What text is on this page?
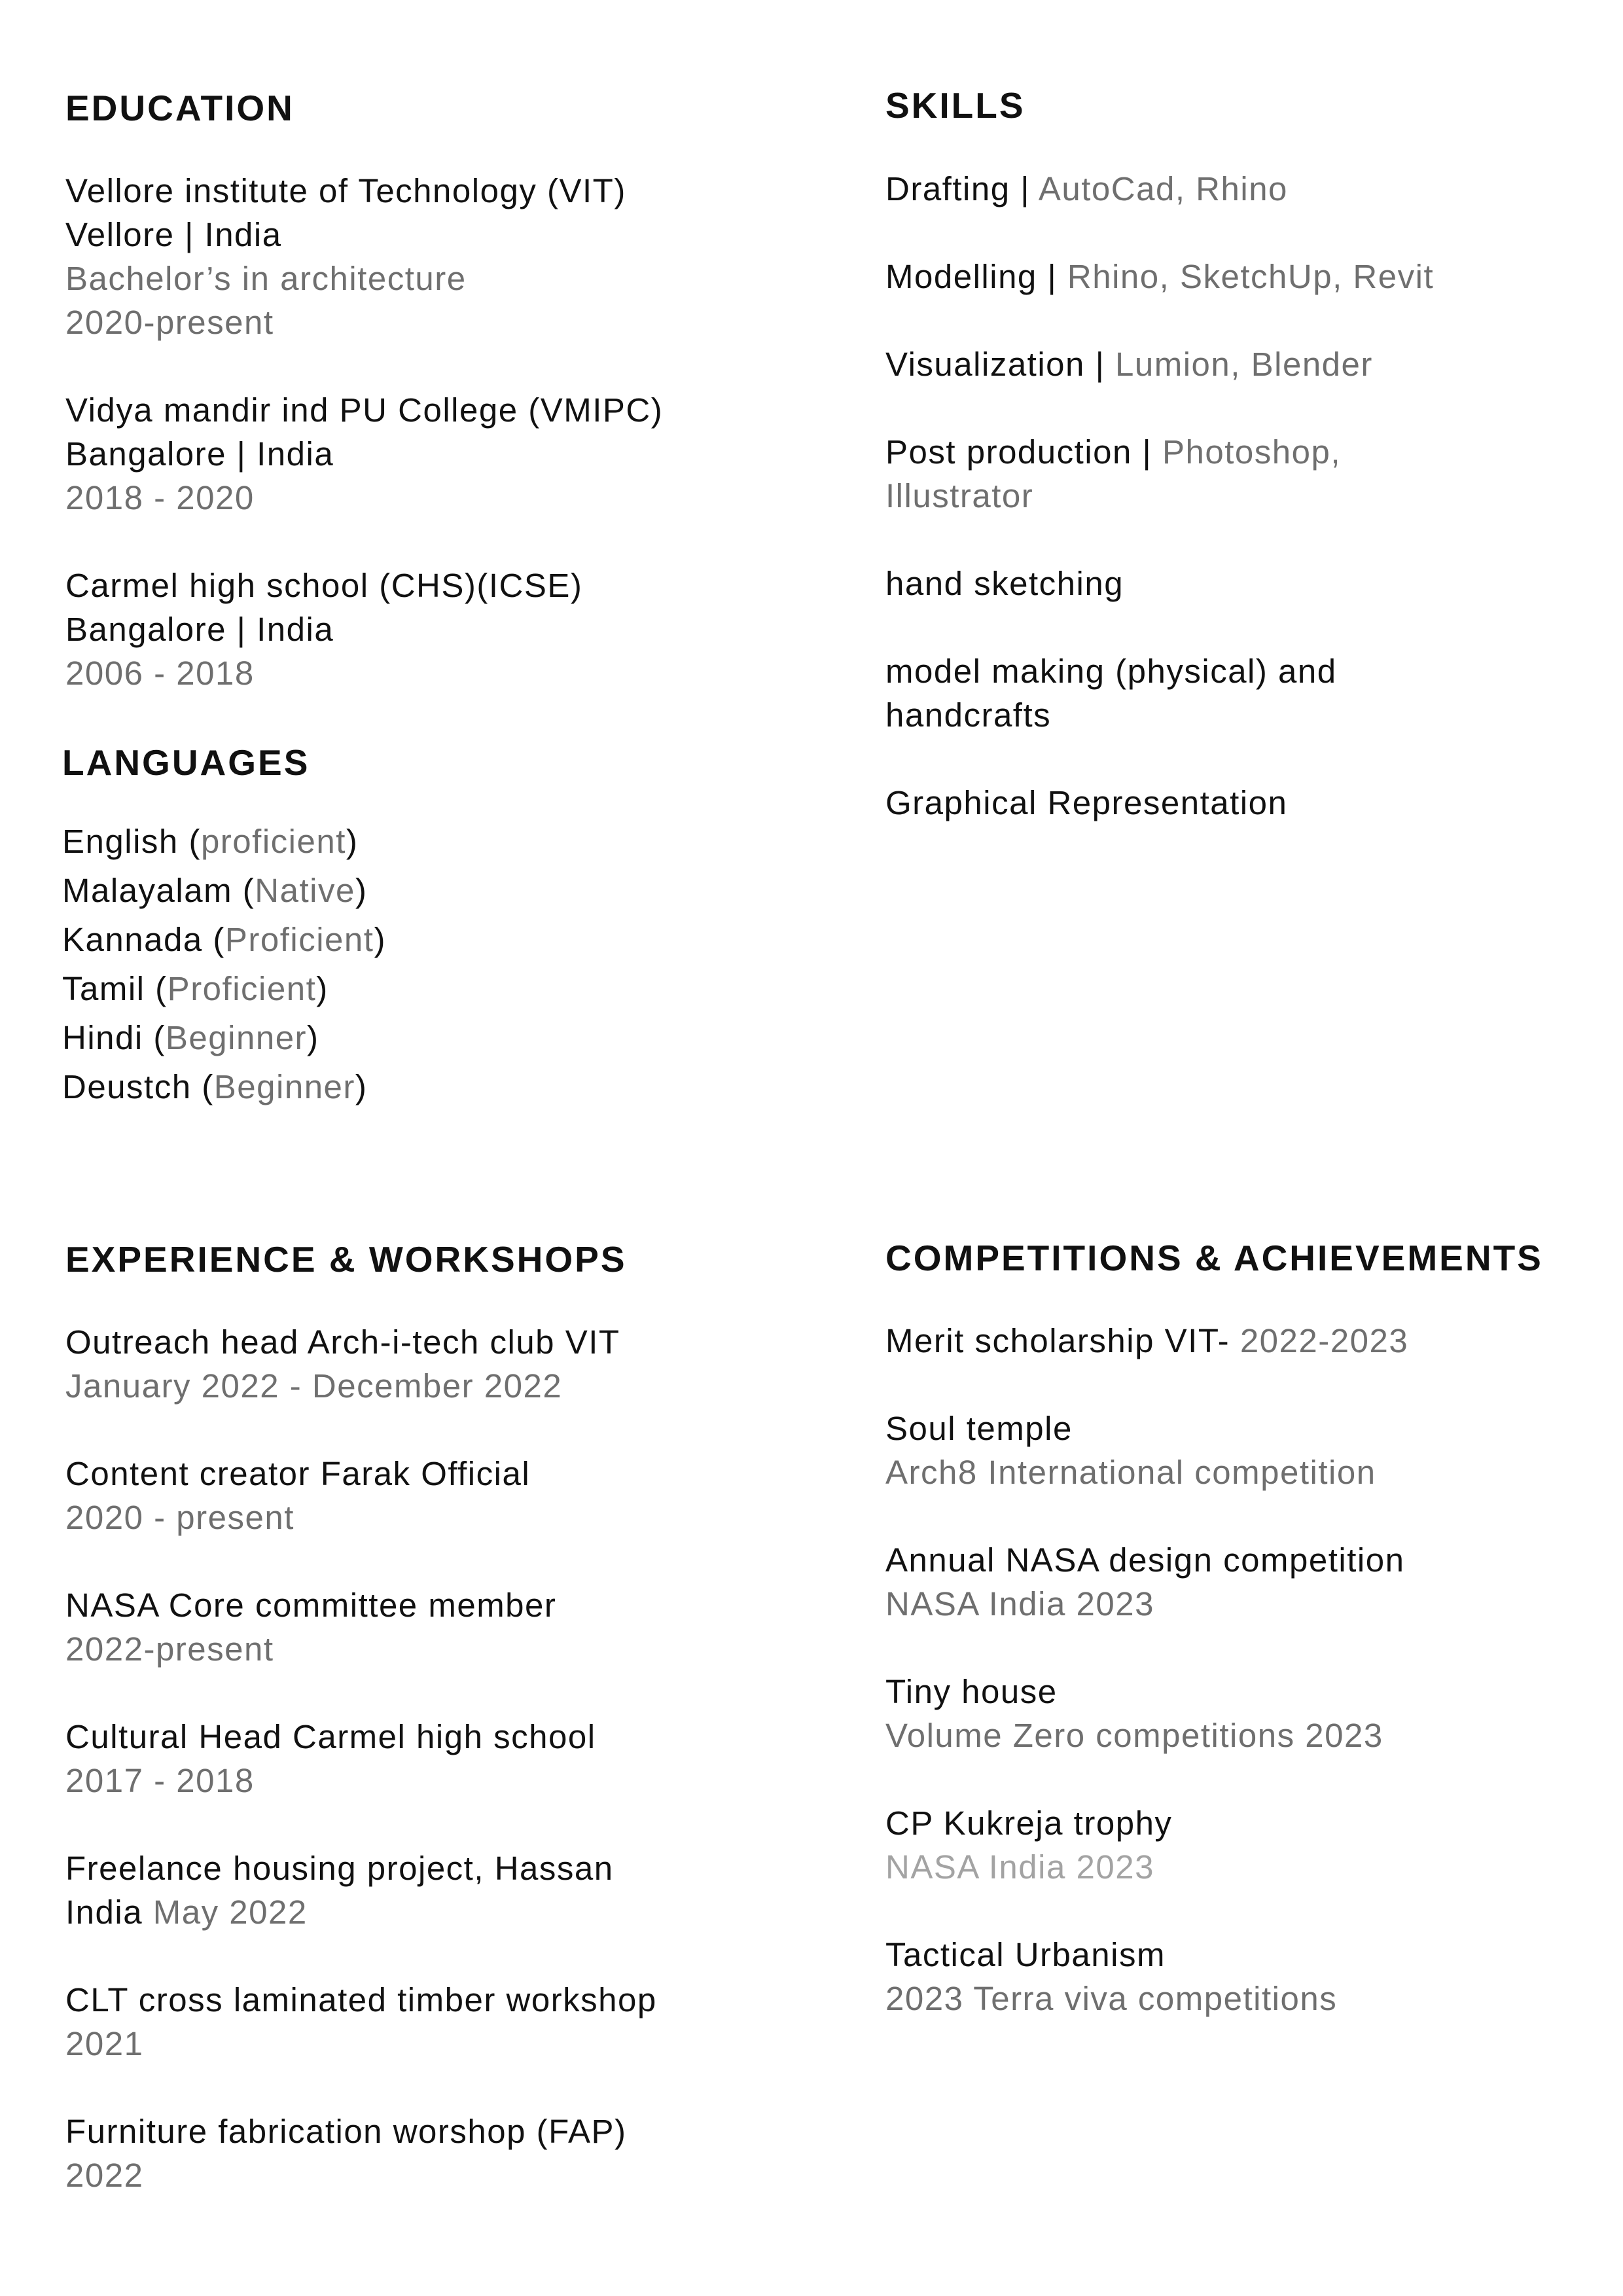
EDUCATION
Vellore institute of Technology (VIT)
Vellore | India
Bachelor’s in architecture
2020-present
Vidya mandir ind PU College (VMIPC)
Bangalore | India
2018 - 2020
Carmel high school (CHS)(ICSE)
Bangalore | India
2006 - 2018
LANGUAGES
English (proficient)
Malayalam (Native)
Kannada (Proficient)
Tamil (Proficient)
Hindi (Beginner)
Deustch (Beginner)
SKILLS
Drafting | AutoCad, Rhino
Modelling | Rhino, SketchUp, Revit
Visualization | Lumion, Blender
Post production | Photoshop,
Illustrator
hand sketching
model making (physical) and
handcrafts
Graphical Representation
EXPERIENCE & WORKSHOPS
Outreach head Arch-i-tech club VIT
January 2022 - December 2022
Content creator Farak Official
2020 - present
NASA Core committee member
2022-present
Cultural Head Carmel high school
2017 - 2018
Freelance housing project, Hassan
India May 2022
CLT cross laminated timber workshop
2021
Furniture fabrication worshop (FAP)
2022
COMPETITIONS & ACHIEVEMENTS
Merit scholarship VIT- 2022-2023
Soul temple
Arch8 International competition
Annual NASA design competition
NASA India 2023
Tiny house
Volume Zero competitions 2023
CP Kukreja trophy
NASA India 2023
Tactical Urbanism
2023 Terra viva competitions
